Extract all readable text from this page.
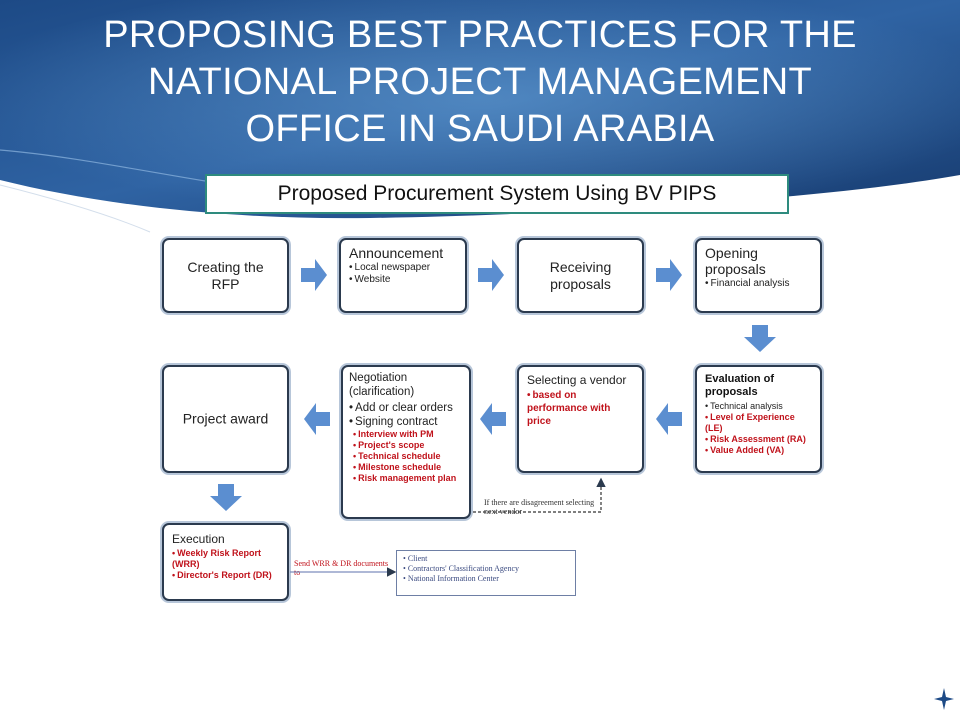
PROPOSING BEST PRACTICES FOR THE
NATIONAL PROJECT MANAGEMENT
OFFICE IN SAUDI ARABIA
Proposed Procurement System Using BV PIPS
Creating the RFP
Announcement
• Local newspaper
• Website
Receiving proposals
Opening proposals
• Financial analysis
Project award
Negotiation (clarification)
• Add or clear orders
• Signing contract
• Interview with PM
• Project's scope
• Technical schedule
• Milestone schedule
• Risk management plan
Selecting a vendor
• based on performance with price
Evaluation of proposals
• Technical analysis
• Level of Experience (LE)
• Risk Assessment (RA)
• Value Added (VA)
Execution
• Weekly Risk Report (WRR)
• Director's Report (DR)
Send WRR & DR documents to
If there are disagreement selecting next vendor
• Client
• Contractors' Classification Agency
• National Information Center
